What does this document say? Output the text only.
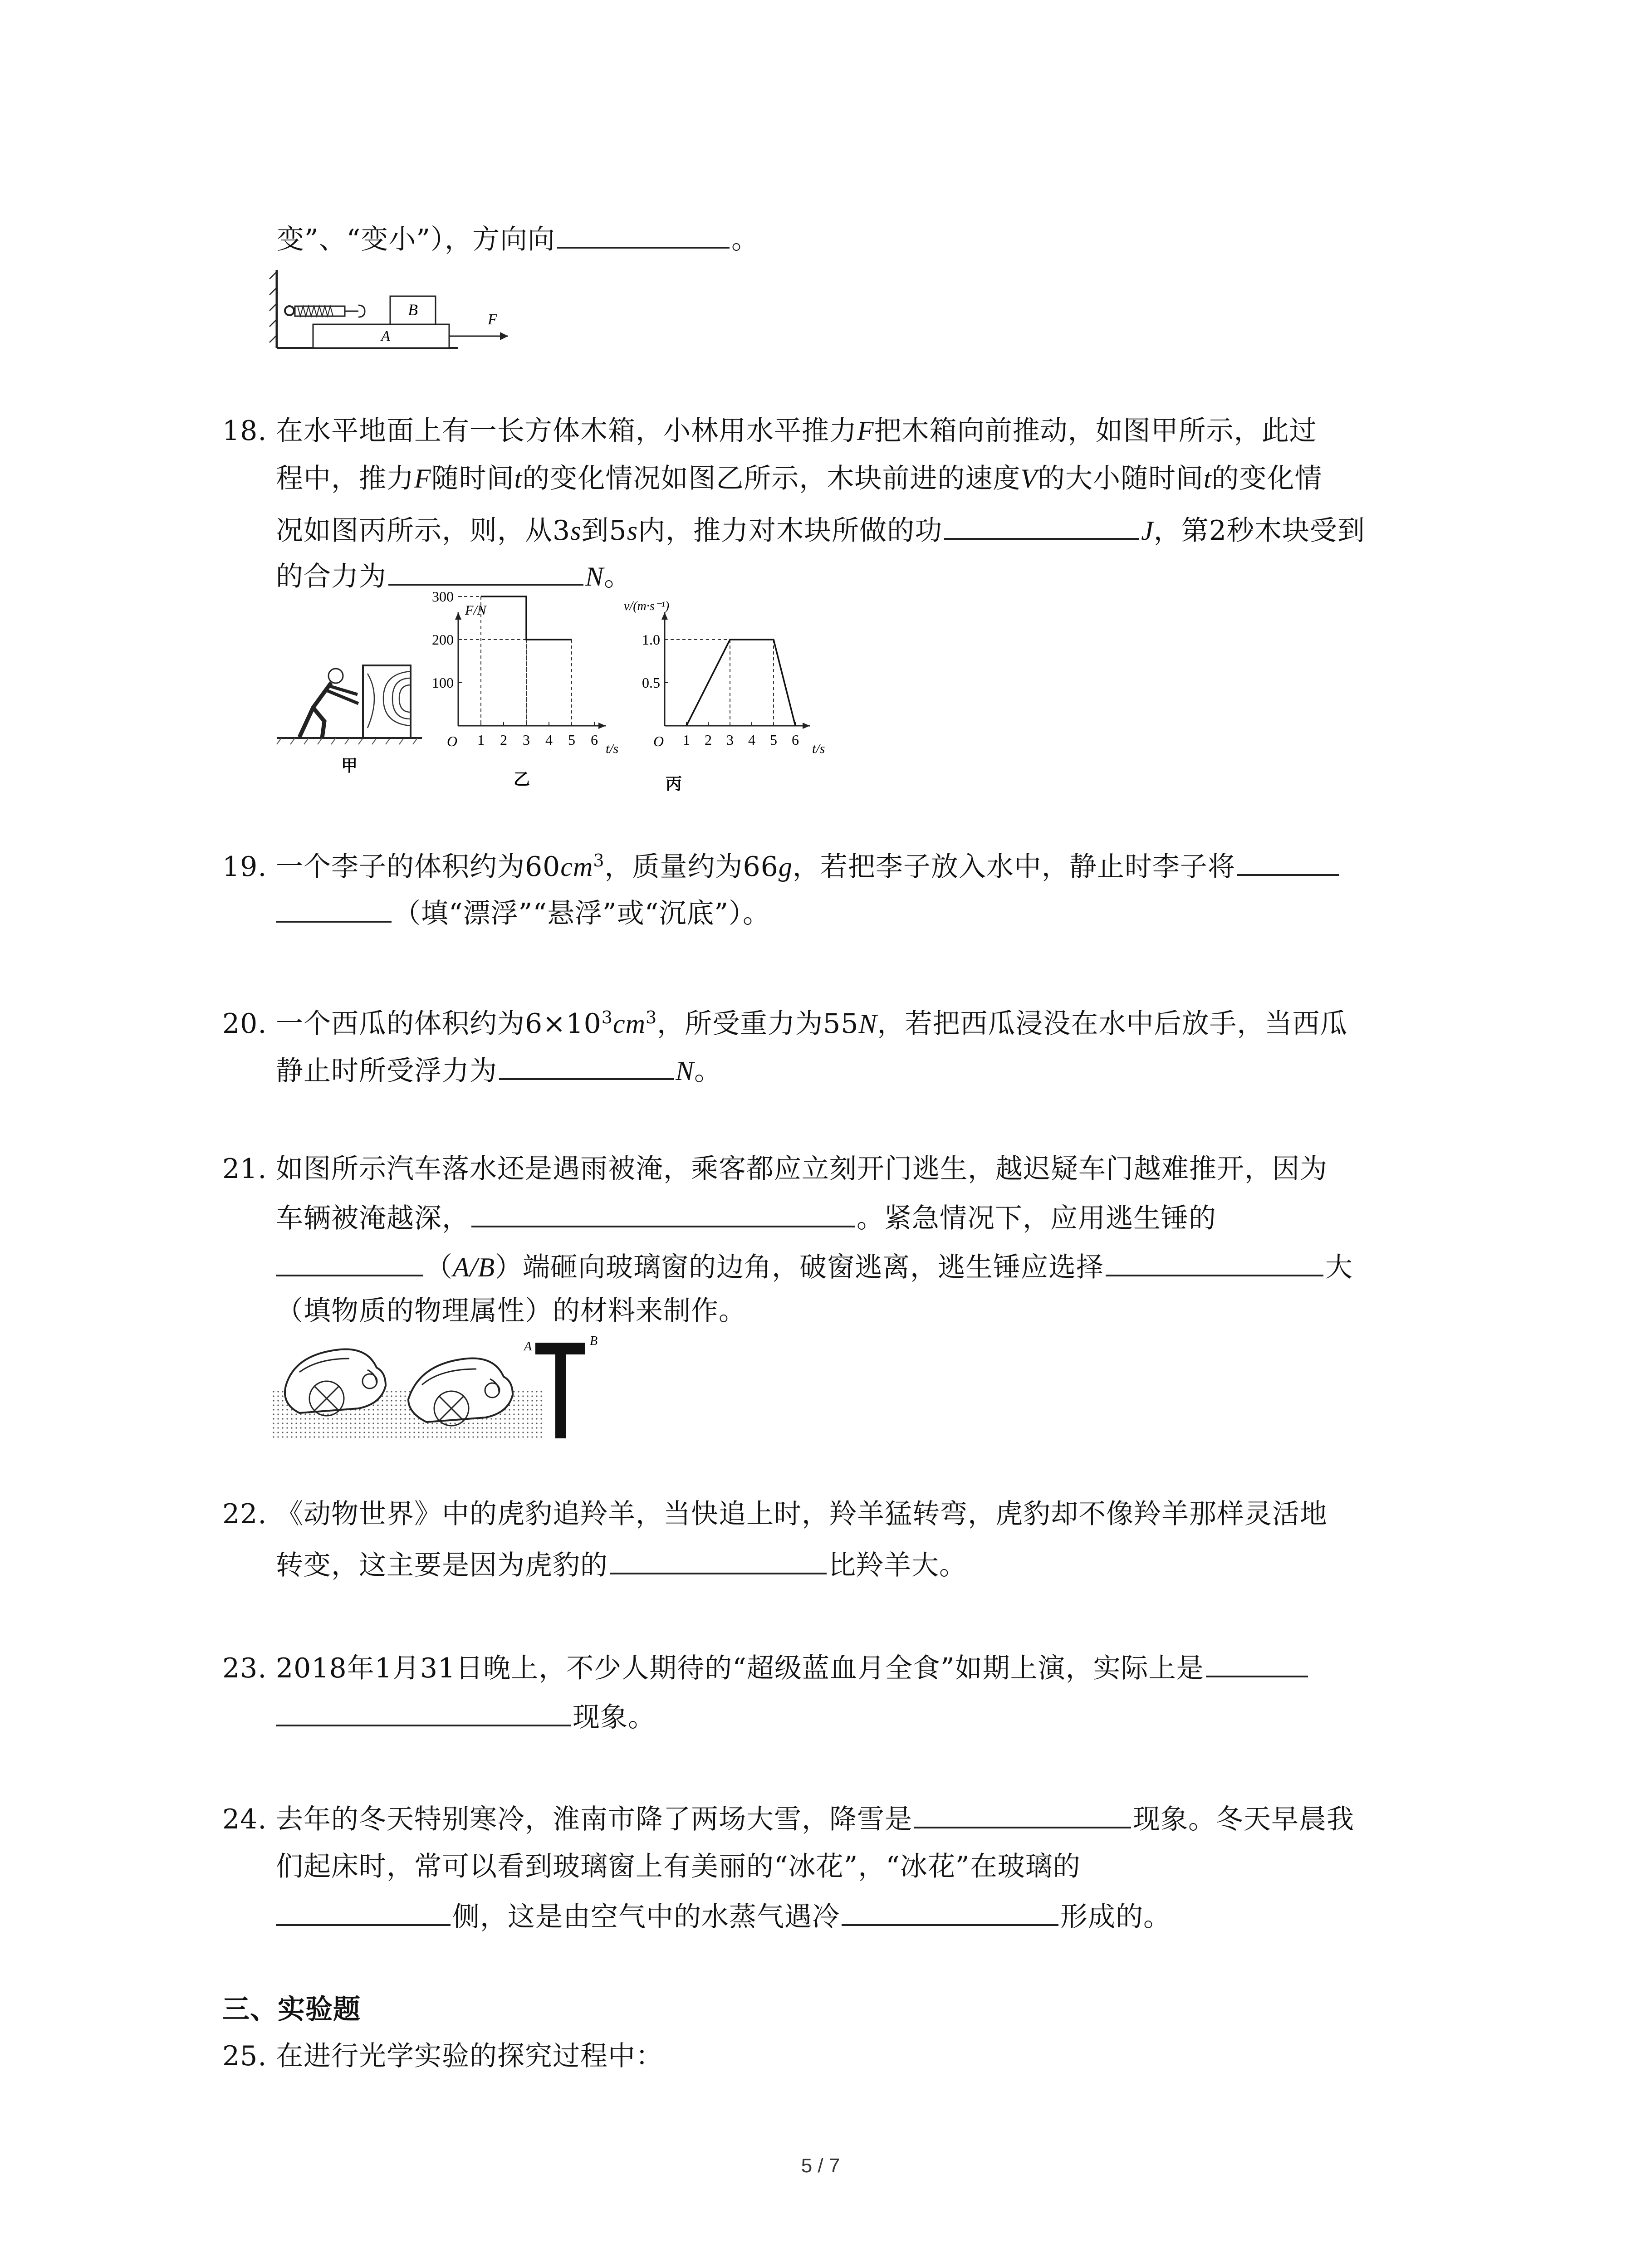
变”、“变小”），方向向	。
B
A
F
18. 在水平地面上有一长方体木箱，小林用水平推力F把木箱向前推动，如图甲所示，此过
程中，推力F随时间t的变化情况如图乙所示，木块前进的速度V的大小随时间t的变化情
况如图丙所示，则，从3s到5s内，推力对木块所做的功	J，第2秒木块受到
的合力为	N。
甲
1 2 3 4 5 6
100
200
300
F/N
t/s
O
乙
1 2 3 4 5 6
0.5
1.0
v/(m·s⁻¹)
t/s
O
丙
19. 一个李子的体积约为$60cm^3$，质量约为66g，若把李子放入水中，静止时李子将
（填“漂浮”“悬浮”或“沉底”）。
20. 一个西瓜的体积约为$6\times 10^3cm^3$，所受重力为55N，若把西瓜浸没在水中后放手，当西瓜
静止时所受浮力为	N。
21. 如图所示汽车落水还是遇雨被淹，乘客都应立刻开门逃生，越迟疑车门越难推开，因为
车辆被淹越深，	。紧急情况下，应用逃生锤的
（A/B）端砸向玻璃窗的边角，破窗逃离，逃生锤应选择	大
（填物质的物理属性）的材料来制作。
A	B
22. 《动物世界》中的虎豹追羚羊，当快追上时，羚羊猛转弯，虎豹却不像羚羊那样灵活地
转变，这主要是因为虎豹的	比羚羊大。
23. 2018年1月31日晚上，不少人期待的“超级蓝血月全食”如期上演，实际上是
现象。
24. 去年的冬天特别寒冷，淮南市降了两场大雪，降雪是	现象。冬天早晨我
们起床时，常可以看到玻璃窗上有美丽的“冰花”，“冰花”在玻璃的
侧，这是由空气中的水蒸气遇冷	形成的。
三、实验题
25. 在进行光学实验的探究过程中：
5 / 7
